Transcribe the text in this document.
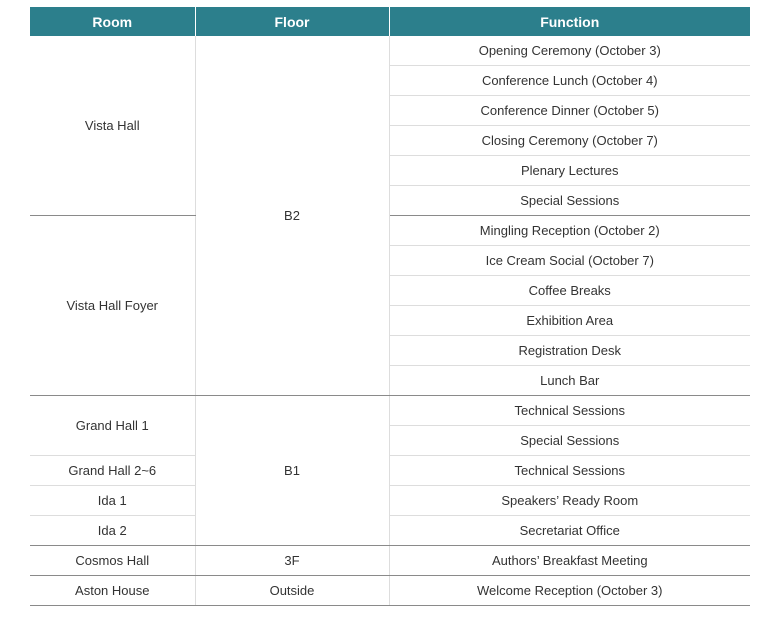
Room	Floor	Function
Vista Hall	B2	Opening Ceremony (October 3)
		Conference Lunch (October 4)
		Conference Dinner (October 5)
		Closing Ceremony (October 7)
		Plenary Lectures
		Special Sessions
Vista Hall Foyer		Mingling Reception (October 2)
		Ice Cream Social (October 7)
		Coffee Breaks
		Exhibition Area
		Registration Desk
		Lunch Bar
Grand Hall 1	B1	Technical Sessions
		Special Sessions
Grand Hall 2~6		Technical Sessions
Ida 1		Speakers’ Ready Room
Ida 2		Secretariat Office
Cosmos Hall	3F	Authors’ Breakfast Meeting
Aston House	Outside	Welcome Reception (October 3)
